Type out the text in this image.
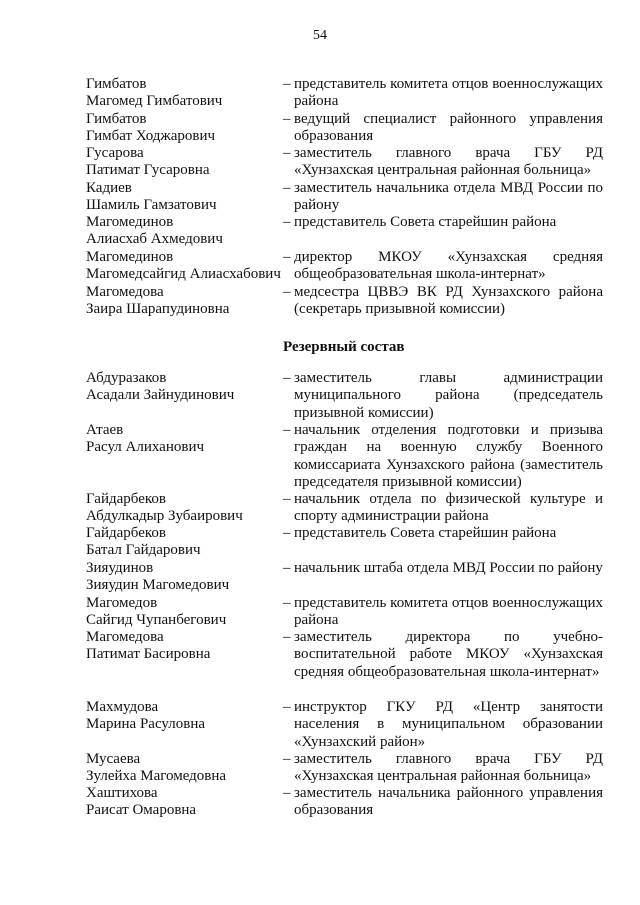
54
Гимбатов
Магомед Гимбатович
– представитель комитета отцов военнослужащих района
Гимбатов
Гимбат Ходжарович
– ведущий специалист районного управления образования
Гусарова
Патимат Гусаровна
– заместитель главного врача ГБУ РД «Хунзахская центральная районная больница»
Кадиев
Шамиль Гамзатович
– заместитель начальника отдела МВД России по району
Магомединов
Алиасхаб Ахмедович
– представитель Совета старейшин района
Магомединов
Магомедсайгид Алиасхабович
– директор МКОУ «Хунзахская средняя общеобразовательная школа-интернат»
Магомедова
Заира Шарапудиновна
– медсестра ЦВВЭ ВК РД Хунзахского района (секретарь призывной комиссии)
Резервный состав
Абдуразаков
Асадали Зайнудинович
– заместитель главы администрации муниципального района (председатель призывной комиссии)
Атаев
Расул Алиханович
– начальник отделения подготовки и призыва граждан на военную службу Военного комиссариата Хунзахского района (заместитель председателя призывной комиссии)
Гайдарбеков
Абдулкадыр Зубаирович
– начальник отдела по физической культуре и спорту администрации района
Гайдарбеков
Батал Гайдарович
– представитель Совета старейшин района
Зияудинов
Зияудин Магомедович
– начальник штаба отдела МВД России по району
Магомедов
Сайгид Чупанбегович
– представитель комитета отцов военнослужащих района
Магомедова
Патимат Басировна
– заместитель директора по учебно-воспитательной работе МКОУ «Хунзахская средняя общеобразовательная школа-интернат»
Махмудова
Марина Расуловна
– инструктор ГКУ РД «Центр занятости населения в муниципальном образовании «Хунзахский район»
Мусаева
Зулейха Магомедовна
– заместитель главного врача ГБУ РД «Хунзахская центральная районная больница»
Хаштихова
Раисат Омаровна
– заместитель начальника районного управления образования
